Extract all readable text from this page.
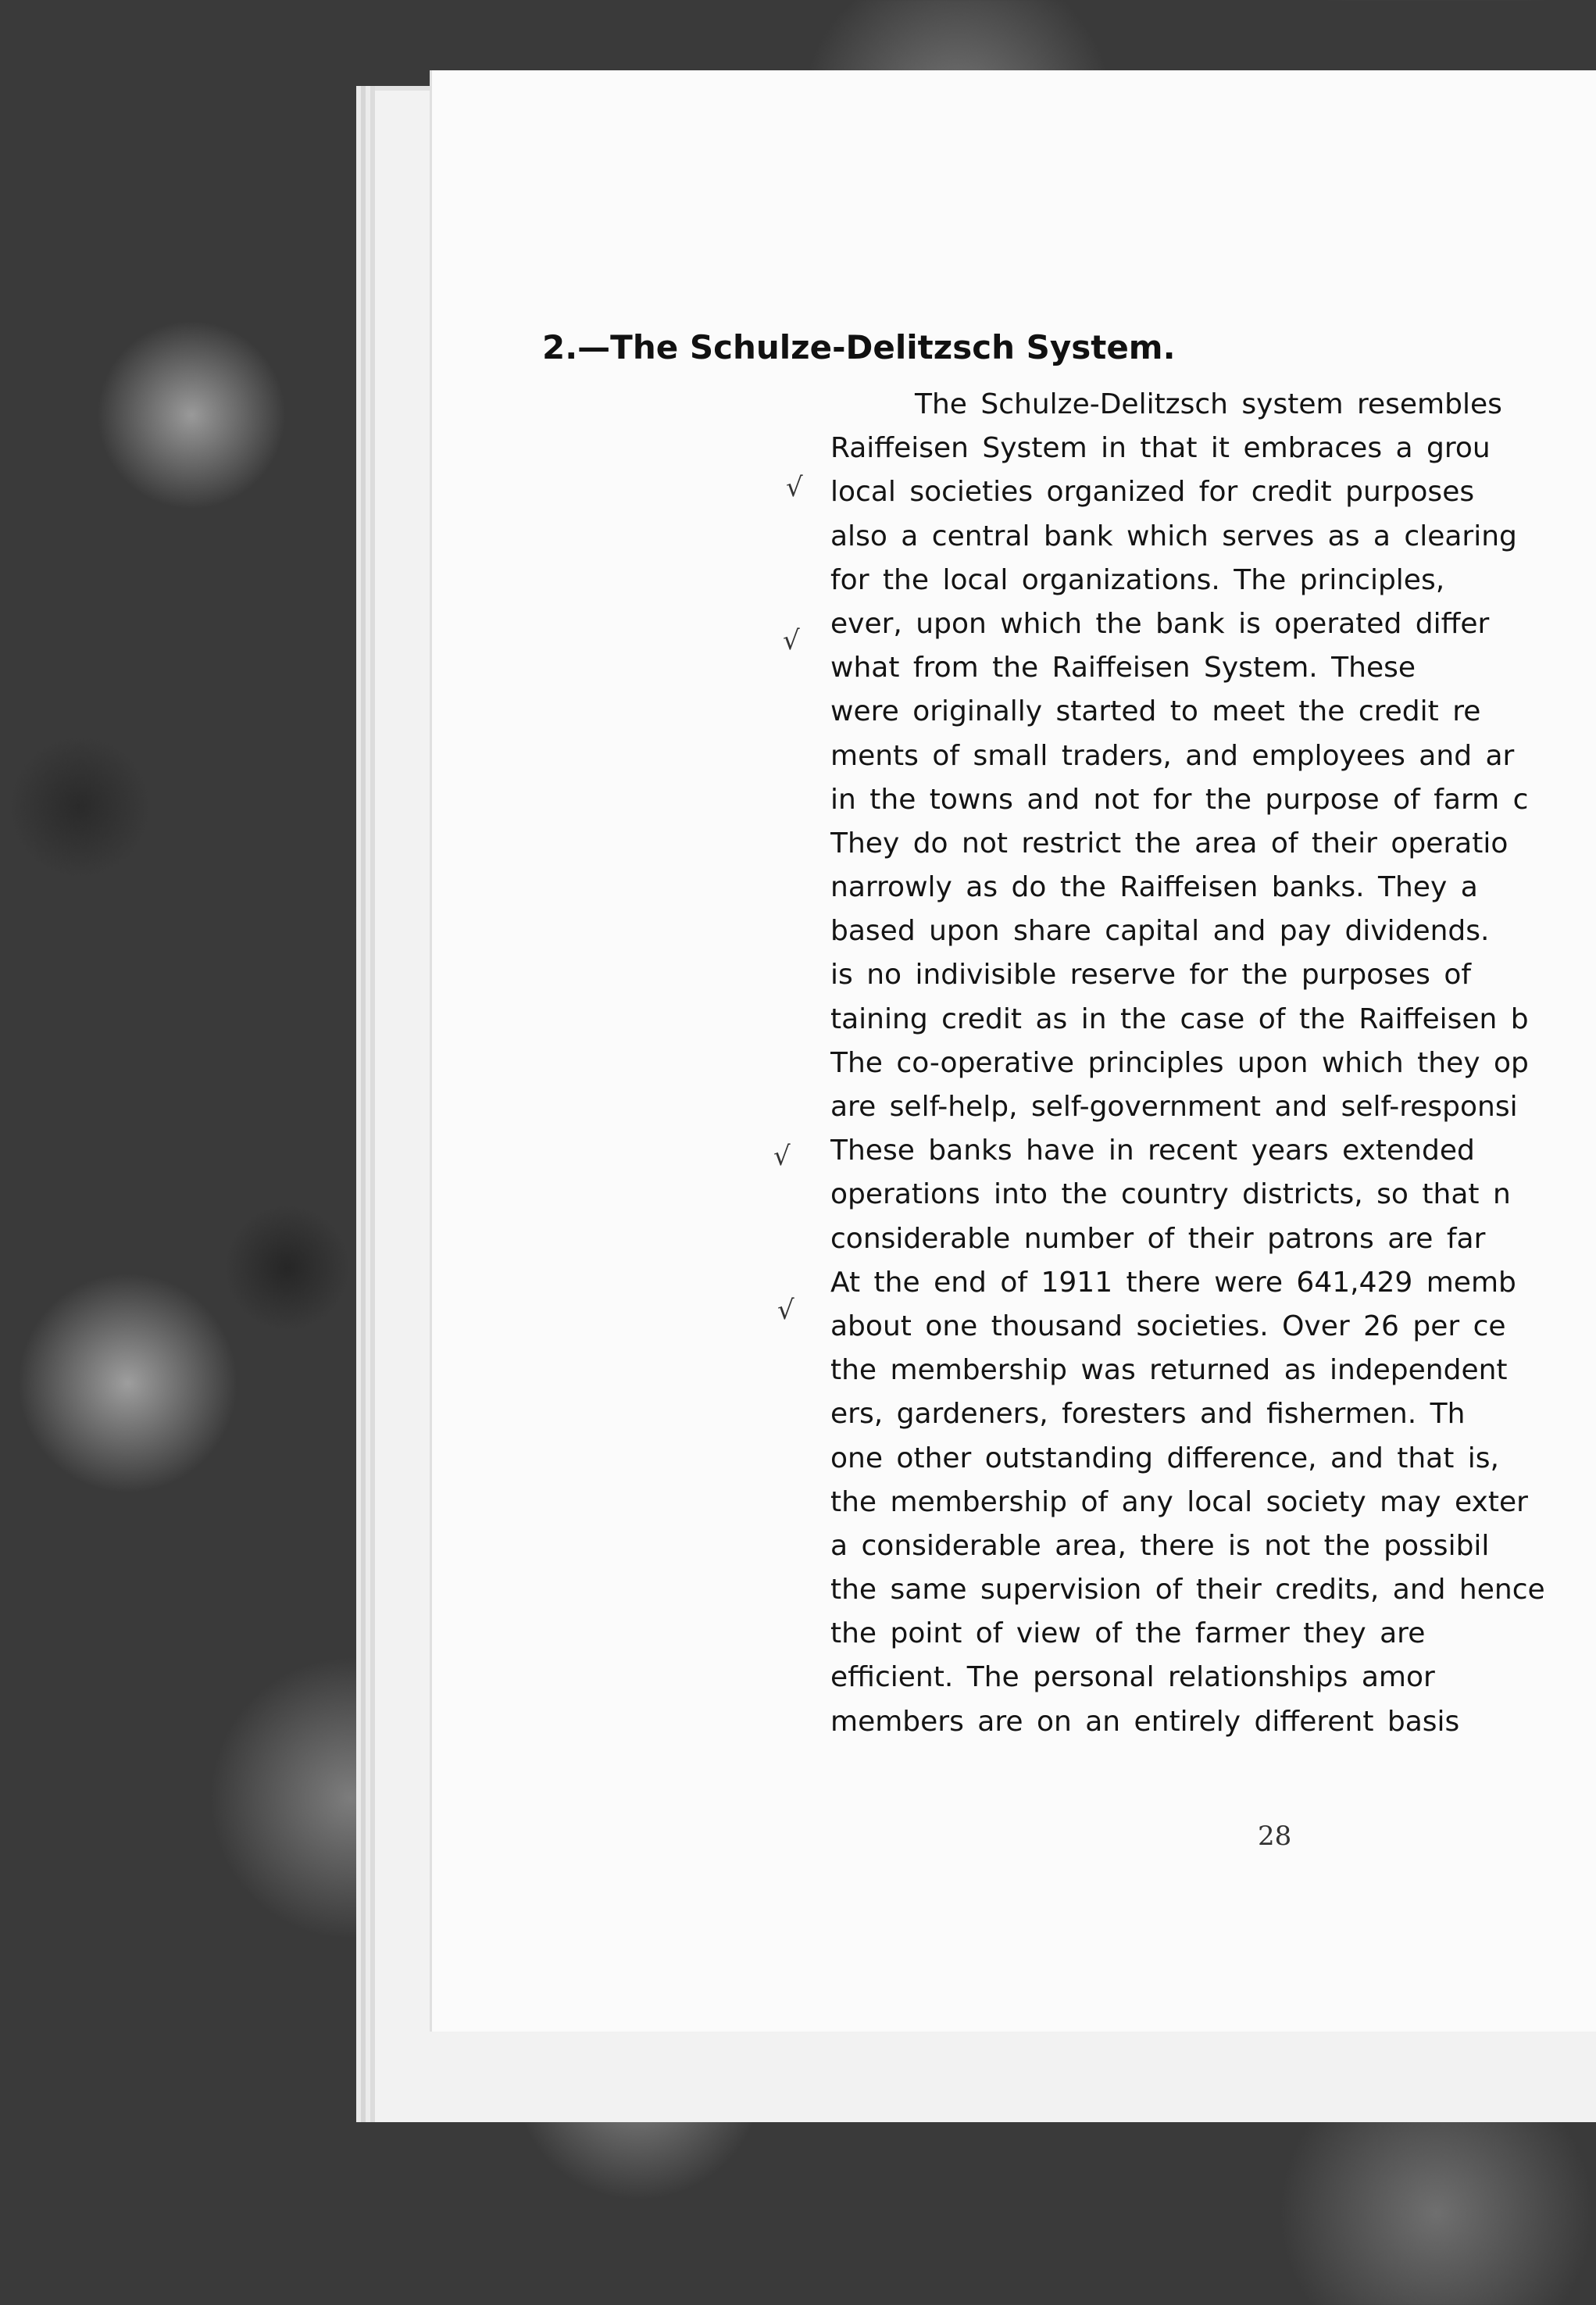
2.—The Schulze-Delitzsch System.
The Schulze-Delitzsch system resembles
Raiffeisen System in that it embraces a grou
local societies organized for credit purposes
also a central bank which serves as a clearing
for the local organizations. The principles,
ever, upon which the bank is operated differ
what from the Raiffeisen System. These
were originally started to meet the credit re
ments of small traders, and employees and ar
in the towns and not for the purpose of farm c
They do not restrict the area of their operatio
narrowly as do the Raiffeisen banks. They a
based upon share capital and pay dividends.
is no indivisible reserve for the purposes of
taining credit as in the case of the Raiffeisen b
The co-operative principles upon which they op
are self-help, self-government and self-responsi
These banks have in recent years extended
operations into the country districts, so that n
considerable number of their patrons are far
At the end of 1911 there were 641,429 memb
about one thousand societies. Over 26 per ce
the membership was returned as independent
ers, gardeners, foresters and fishermen. Th
one other outstanding difference, and that is,
the membership of any local society may exter
a considerable area, there is not the possibil
the same supervision of their credits, and hence
the point of view of the farmer they are
efficient. The personal relationships amor
members are on an entirely different basis
√
√
√
√
28
